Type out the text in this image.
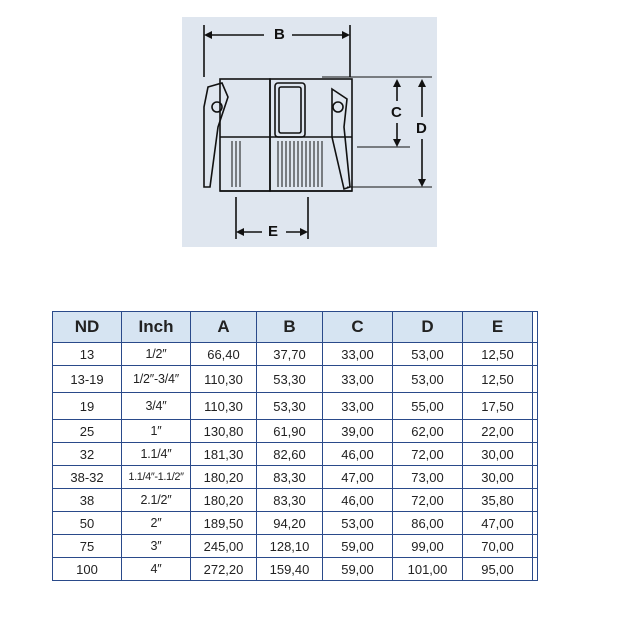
B
C
D
E
ND	Inch	A	B	C	D	E	
13	1/2″	66,40	37,70	33,00	53,00	12,50	
13-19	1/2″-3/4″	110,30	53,30	33,00	53,00	12,50	
19	3/4″	110,30	53,30	33,00	55,00	17,50	
25	1″	130,80	61,90	39,00	62,00	22,00	
32	1.1/4″	181,30	82,60	46,00	72,00	30,00	
38-32	1.1/4″-1.1/2″	180,20	83,30	47,00	73,00	30,00	
38	2.1/2″	180,20	83,30	46,00	72,00	35,80	
50	2″	189,50	94,20	53,00	86,00	47,00	
75	3″	245,00	128,10	59,00	99,00	70,00	
100	4″	272,20	159,40	59,00	101,00	95,00	
